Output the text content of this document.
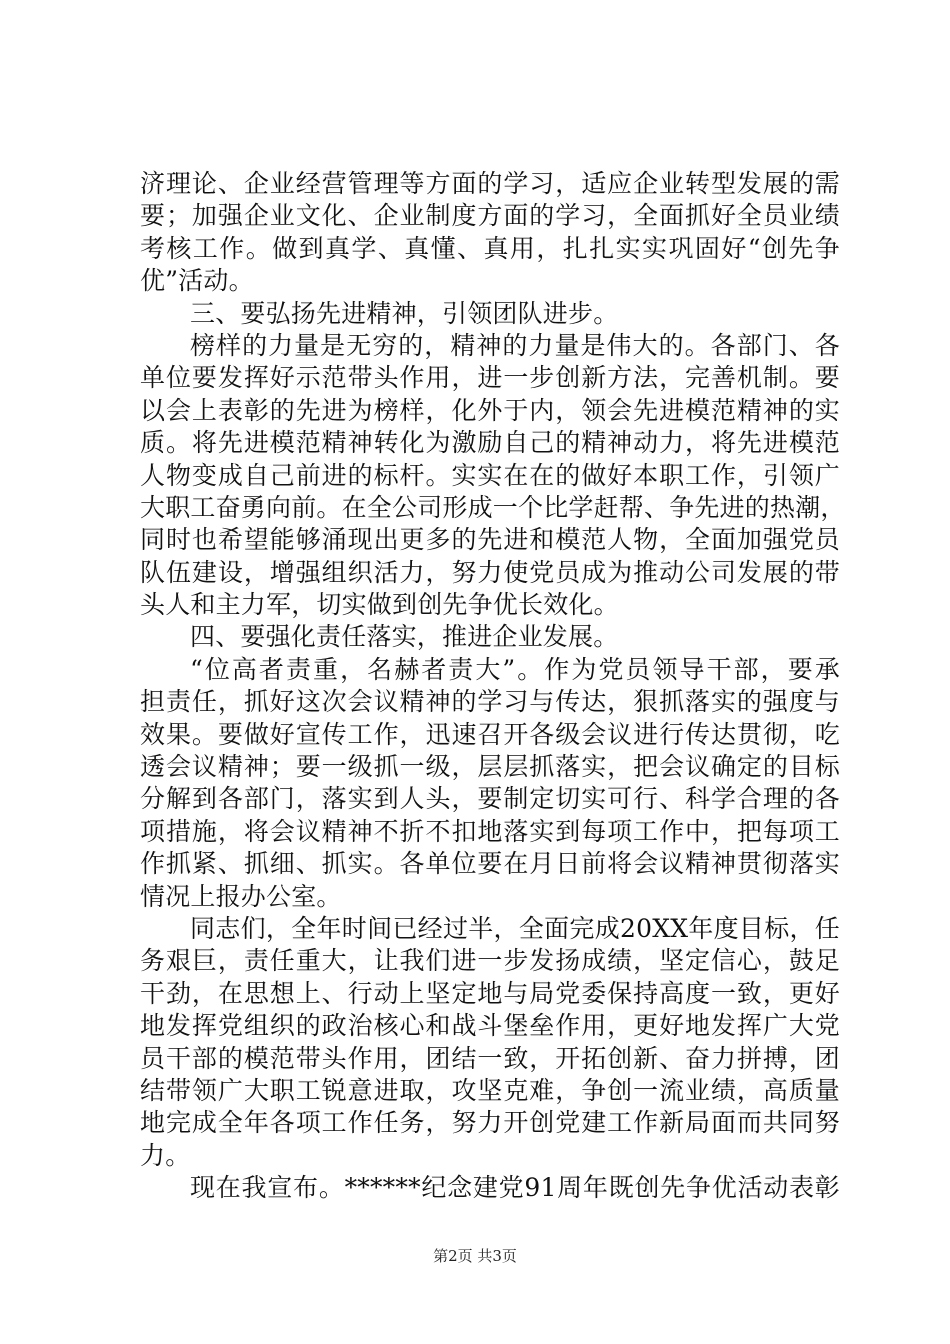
济理论、企业经营管理等方面的学习，适应企业转型发展的需
要；加强企业文化、企业制度方面的学习，全面抓好全员业绩
考核工作。做到真学、真懂、真用，扎扎实实巩固好“创先争
优”活动。
三、要弘扬先进精神，引领团队进步。
榜样的力量是无穷的，精神的力量是伟大的。各部门、各
单位要发挥好示范带头作用，进一步创新方法，完善机制。要
以会上表彰的先进为榜样，化外于内，领会先进模范精神的实
质。将先进模范精神转化为激励自己的精神动力，将先进模范
人物变成自己前进的标杆。实实在在的做好本职工作，引领广
大职工奋勇向前。在全公司形成一个比学赶帮、争先进的热潮，
同时也希望能够涌现出更多的先进和模范人物，全面加强党员
队伍建设，增强组织活力，努力使党员成为推动公司发展的带
头人和主力军，切实做到创先争优长效化。
四、要强化责任落实，推进企业发展。
“位高者责重，名赫者责大”。作为党员领导干部，要承
担责任，抓好这次会议精神的学习与传达，狠抓落实的强度与
效果。要做好宣传工作，迅速召开各级会议进行传达贯彻，吃
透会议精神；要一级抓一级，层层抓落实，把会议确定的目标
分解到各部门，落实到人头，要制定切实可行、科学合理的各
项措施，将会议精神不折不扣地落实到每项工作中，把每项工
作抓紧、抓细、抓实。各单位要在月日前将会议精神贯彻落实
情况上报办公室。
同志们，全年时间已经过半，全面完成20XX年度目标，任
务艰巨，责任重大，让我们进一步发扬成绩，坚定信心，鼓足
干劲，在思想上、行动上坚定地与局党委保持高度一致，更好
地发挥党组织的政治核心和战斗堡垒作用，更好地发挥广大党
员干部的模范带头作用，团结一致，开拓创新、奋力拼搏，团
结带领广大职工锐意进取，攻坚克难，争创一流业绩，高质量
地完成全年各项工作任务，努力开创党建工作新局面而共同努
力。
现在我宣布。******纪念建党91周年既创先争优活动表彰
第2页 共3页
